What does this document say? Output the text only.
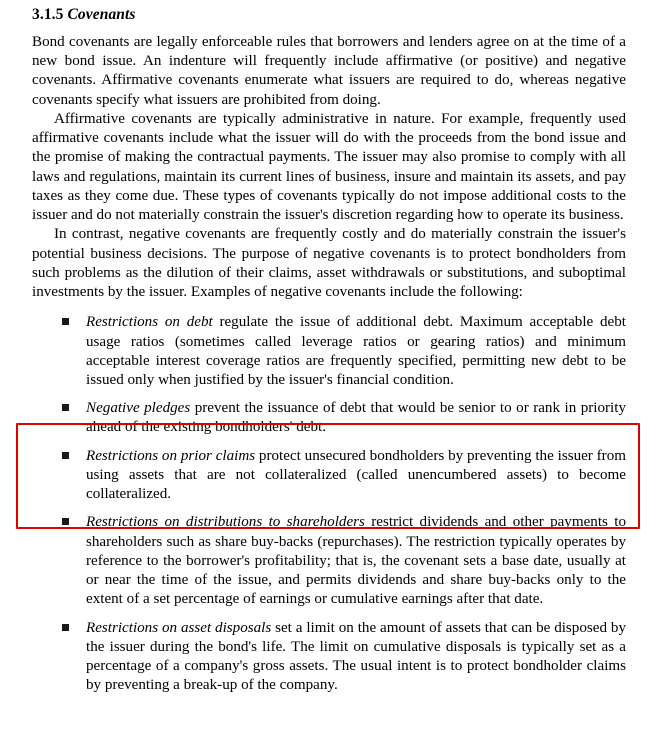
3.1.5 Covenants

Bond covenants are legally enforceable rules that borrowers and lenders agree on at the time of a new bond issue. An indenture will frequently include affirmative (or positive) and negative covenants. Affirmative covenants enumerate what issuers are required to do, whereas negative covenants specify what issuers are prohibited from doing.

Affirmative covenants are typically administrative in nature. For example, frequently used affirmative covenants include what the issuer will do with the proceeds from the bond issue and the promise of making the contractual payments. The issuer may also promise to comply with all laws and regulations, maintain its current lines of business, insure and maintain its assets, and pay taxes as they come due. These types of covenants typically do not impose additional costs to the issuer and do not materially constrain the issuer's discretion regarding how to operate its business.

In contrast, negative covenants are frequently costly and do materially constrain the issuer's potential business decisions. The purpose of negative covenants is to protect bondholders from such problems as the dilution of their claims, asset withdrawals or substitutions, and suboptimal investments by the issuer. Examples of negative covenants include the following:

Restrictions on debt regulate the issue of additional debt. Maximum acceptable debt usage ratios (sometimes called leverage ratios or gearing ratios) and minimum acceptable interest coverage ratios are frequently specified, permitting new debt to be issued only when justified by the issuer's financial condition.
Negative pledges prevent the issuance of debt that would be senior to or rank in priority ahead of the existing bondholders' debt.
Restrictions on prior claims protect unsecured bondholders by preventing the issuer from using assets that are not collateralized (called unencumbered assets) to become collateralized.
Restrictions on distributions to shareholders restrict dividends and other payments to shareholders such as share buy-backs (repurchases). The restriction typically operates by reference to the borrower's profitability; that is, the covenant sets a base date, usually at or near the time of the issue, and permits dividends and share buy-backs only to the extent of a set percentage of earnings or cumulative earnings after that date.
Restrictions on asset disposals set a limit on the amount of assets that can be disposed by the issuer during the bond's life. The limit on cumulative disposals is typically set as a percentage of a company's gross assets. The usual intent is to protect bondholder claims by preventing a break-up of the company.
